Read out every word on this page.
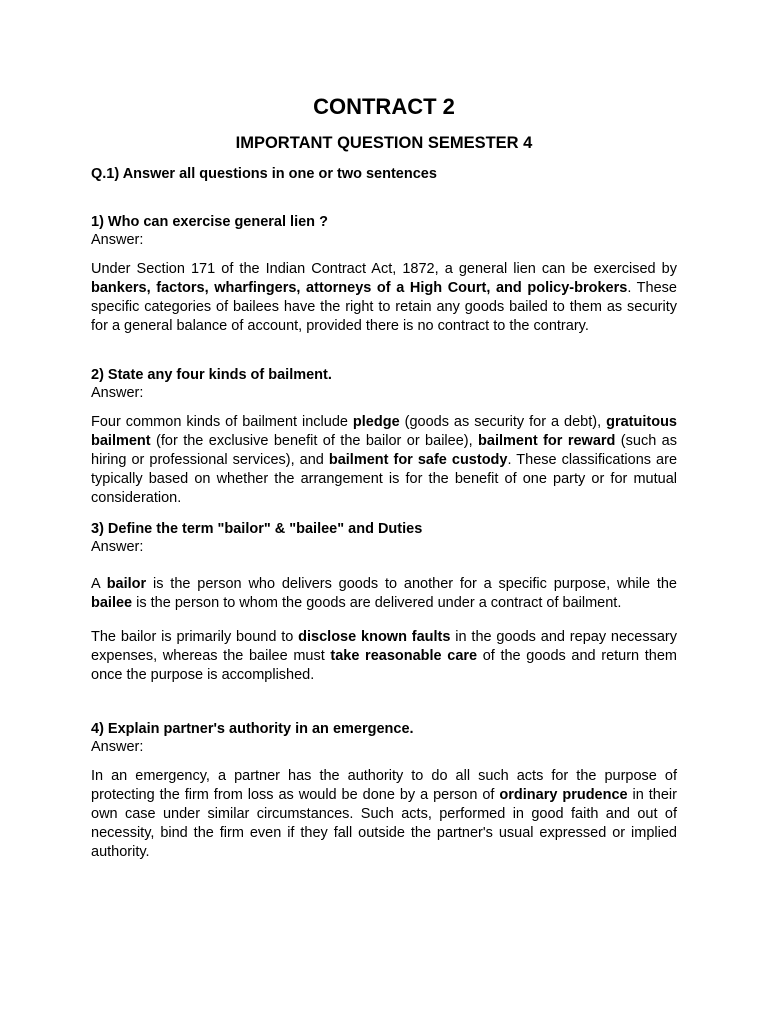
CONTRACT 2
IMPORTANT QUESTION SEMESTER 4

Q.1) Answer all questions in one or two sentences

1) Who can exercise general lien ?

Answer:

Under Section 171 of the Indian Contract Act, 1872, a general lien can be exercised by bankers, factors, wharfingers, attorneys of a High Court, and policy-brokers. These specific categories of bailees have the right to retain any goods bailed to them as security for a general balance of account, provided there is no contract to the contrary.

2) State any four kinds of bailment.

Answer:

Four common kinds of bailment include pledge (goods as security for a debt), gratuitous bailment (for the exclusive benefit of the bailor or bailee), bailment for reward (such as hiring or professional services), and bailment for safe custody. These classifications are typically based on whether the arrangement is for the benefit of one party or for mutual consideration.

3) Define the term "bailor" & "bailee" and Duties

Answer:

A bailor is the person who delivers goods to another for a specific purpose, while the bailee is the person to whom the goods are delivered under a contract of bailment.

The bailor is primarily bound to disclose known faults in the goods and repay necessary expenses, whereas the bailee must take reasonable care of the goods and return them once the purpose is accomplished.

4) Explain partner's authority in an emergence.

Answer:

In an emergency, a partner has the authority to do all such acts for the purpose of protecting the firm from loss as would be done by a person of ordinary prudence in their own case under similar circumstances. Such acts, performed in good faith and out of necessity, bind the firm even if they fall outside the partner's usual expressed or implied authority.
